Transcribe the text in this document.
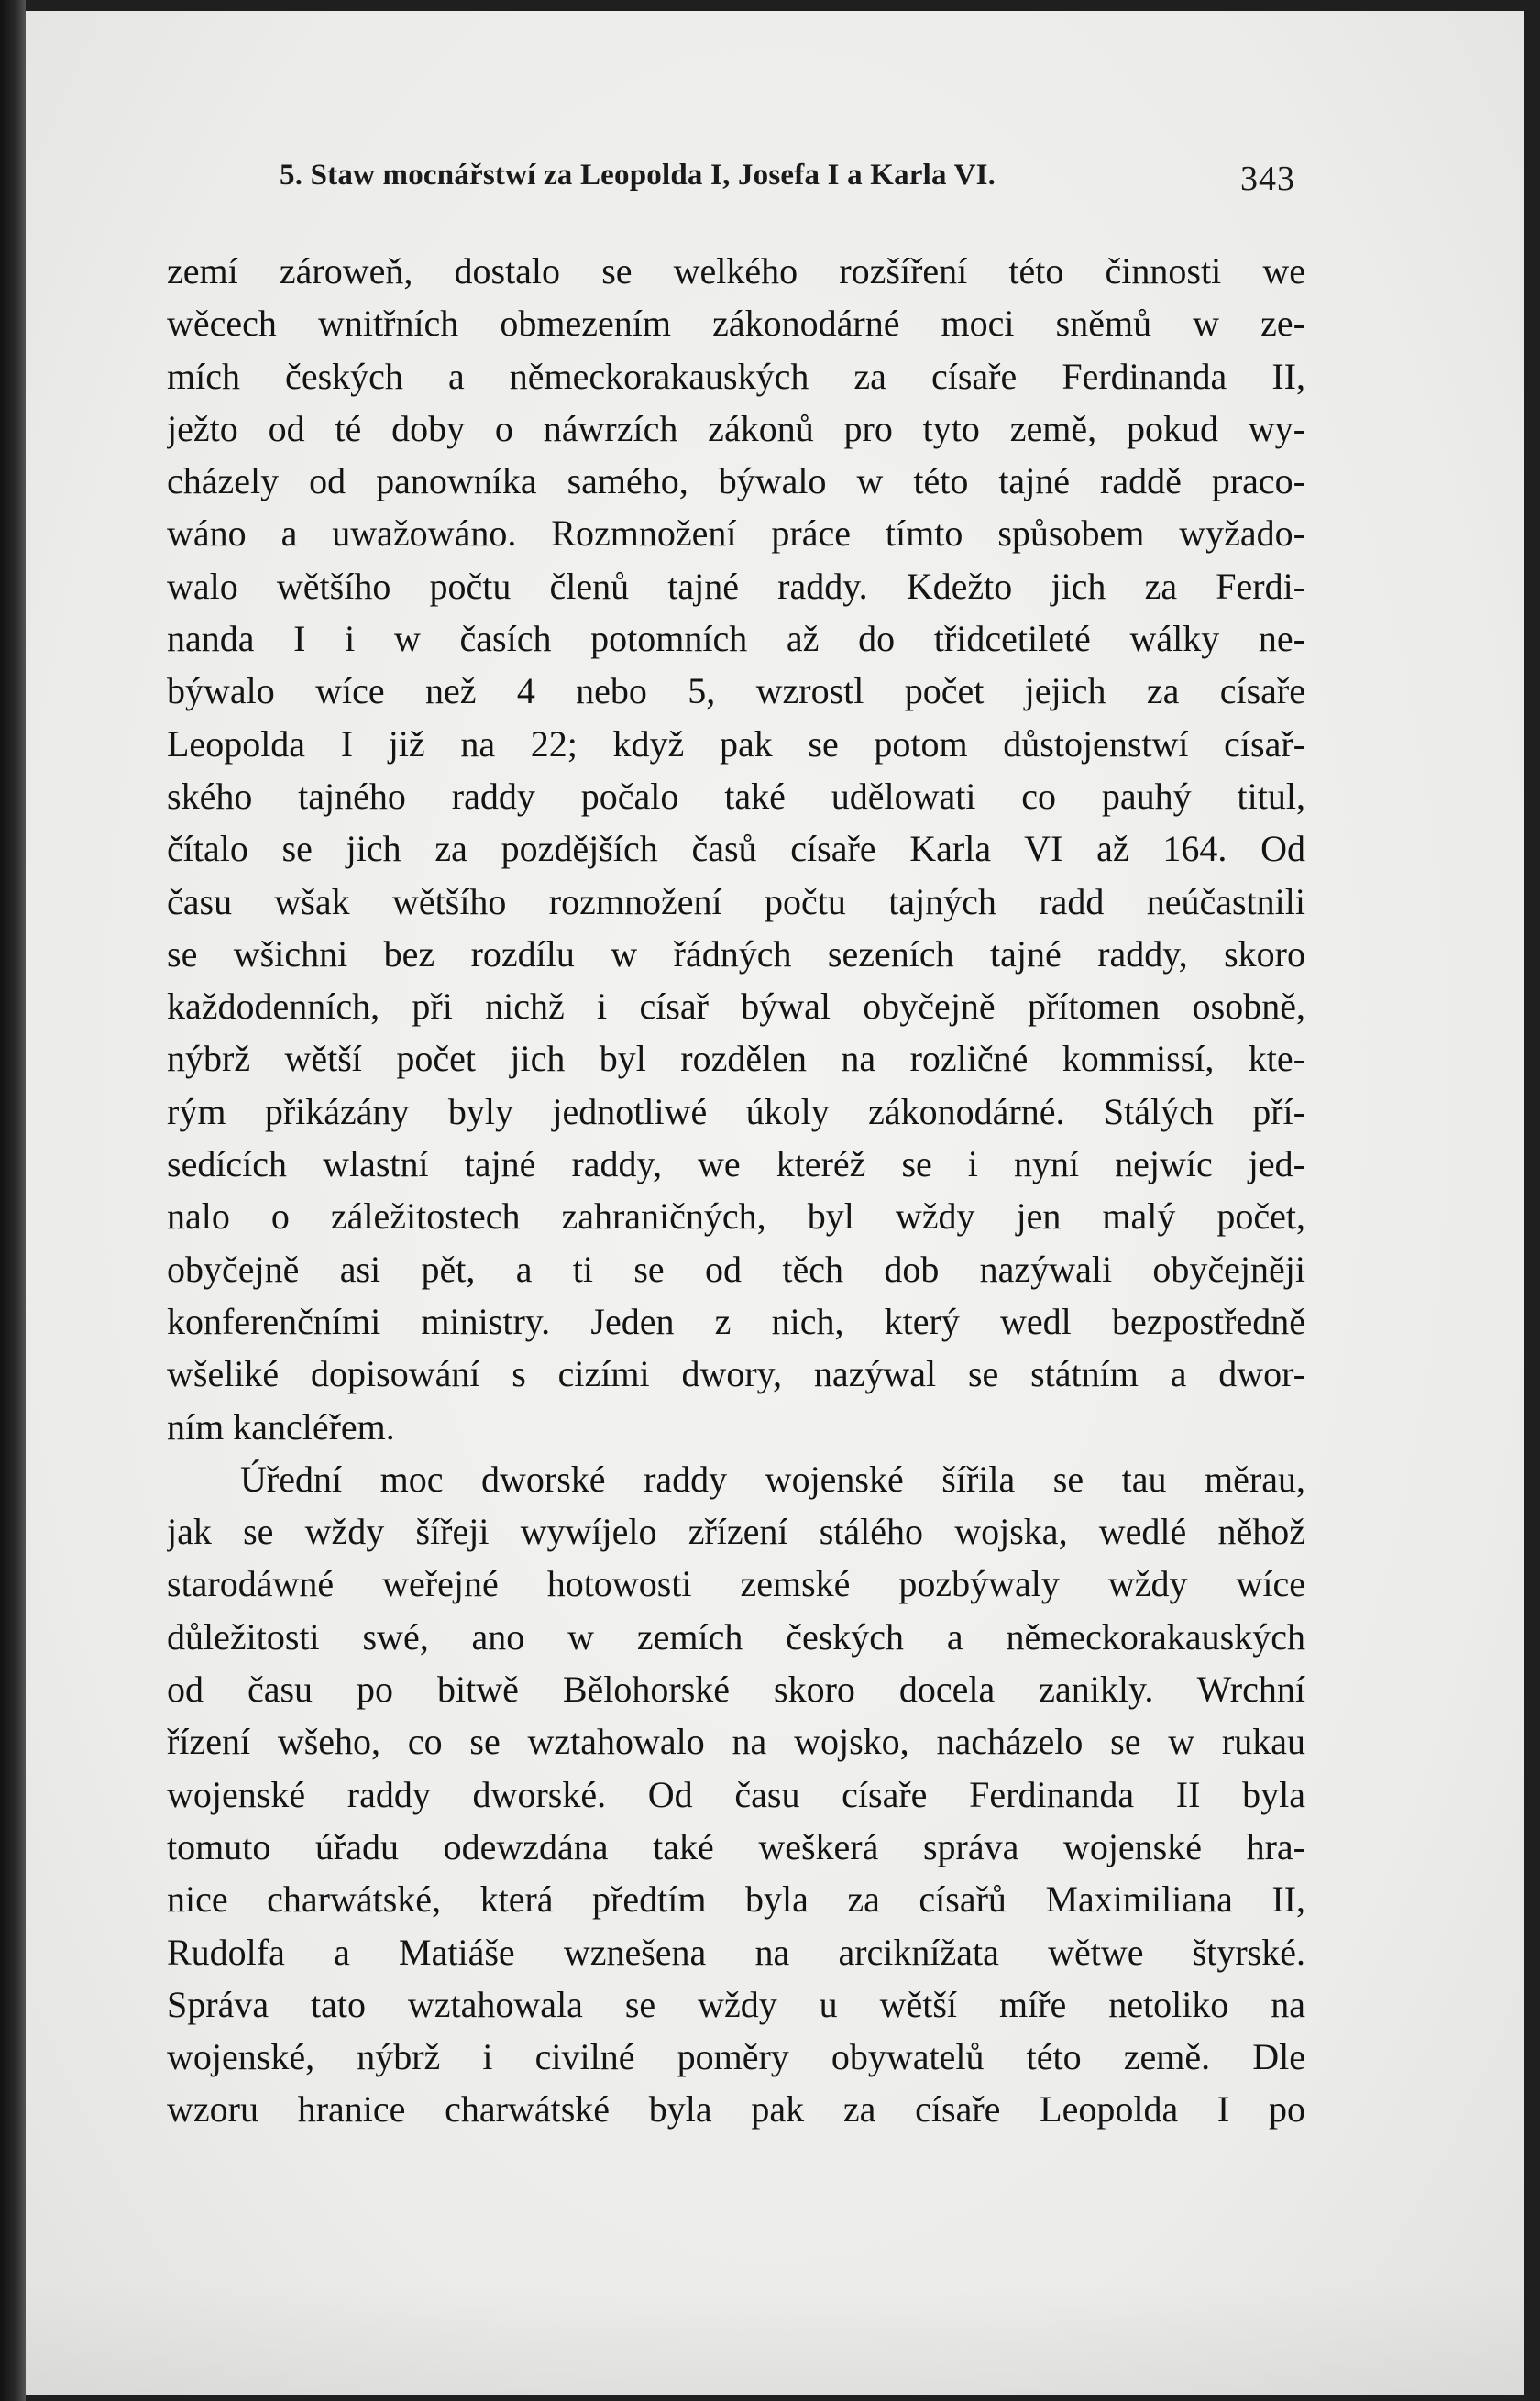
5. Staw mocnářstwí za Leopolda I, Josefa I a Karla VI.	343
zemí zároweň, dostalo se welkého rozšíření této činnosti we
wěcech wnitřních obmezením zákonodárné moci sněmů w ze-
mích českých a německorakauských za císaře Ferdinanda II,
ježto od té doby o náwrzích zákonů pro tyto země, pokud wy-
cházely od panowníka samého, býwalo w této tajné raddě praco-
wáno a uwažowáno. Rozmnožení práce tímto spůsobem wyžado-
walo wětšího počtu členů tajné raddy. Kdežto jich za Ferdi-
nanda I i w časích potomních až do třidcetileté wálky ne-
býwalo wíce než 4 nebo 5, wzrostl počet jejich za císaře
Leopolda I již na 22; když pak se potom důstojenstwí císař-
ského tajného raddy počalo také udělowati co pauhý titul,
čítalo se jich za pozdějších časů císaře Karla VI až 164. Od
času wšak wětšího rozmnožení počtu tajných radd neúčastnili
se wšichni bez rozdílu w řádných sezeních tajné raddy, skoro
každodenních, při nichž i císař býwal obyčejně přítomen osobně,
nýbrž wětší počet jich byl rozdělen na rozličné kommissí, kte-
rým přikázány byly jednotliwé úkoly zákonodárné. Stálých pří-
sedících wlastní tajné raddy, we kteréž se i nyní nejwíc jed-
nalo o záležitostech zahraničných, byl wždy jen malý počet,
obyčejně asi pět, a ti se od těch dob nazýwali obyčejněji
konferenčními ministry. Jeden z nich, který wedl bezpostředně
wšeliké dopisowání s cizími dwory, nazýwal se státním a dwor-
ním kancléřem.
Úřední moc dworské raddy wojenské šířila se tau měrau,
jak se wždy šířeji wywíjelo zřízení stálého wojska, wedlé něhož
starodáwné weřejné hotowosti zemské pozbýwaly wždy wíce
důležitosti swé, ano w zemích českých a německorakauských
od času po bitwě Bělohorské skoro docela zanikly. Wrchní
řízení wšeho, co se wztahowalo na wojsko, nacházelo se w rukau
wojenské raddy dworské. Od času císaře Ferdinanda II byla
tomuto úřadu odewzdána také weškerá správa wojenské hra-
nice charwátské, která předtím byla za císařů Maximiliana II,
Rudolfa a Matiáše wznešena na arciknížata wětwe štyrské.
Správa tato wztahowala se wždy u wětší míře netoliko na
wojenské, nýbrž i civilné poměry obywatelů této země. Dle
wzoru hranice charwátské byla pak za císaře Leopolda I po
